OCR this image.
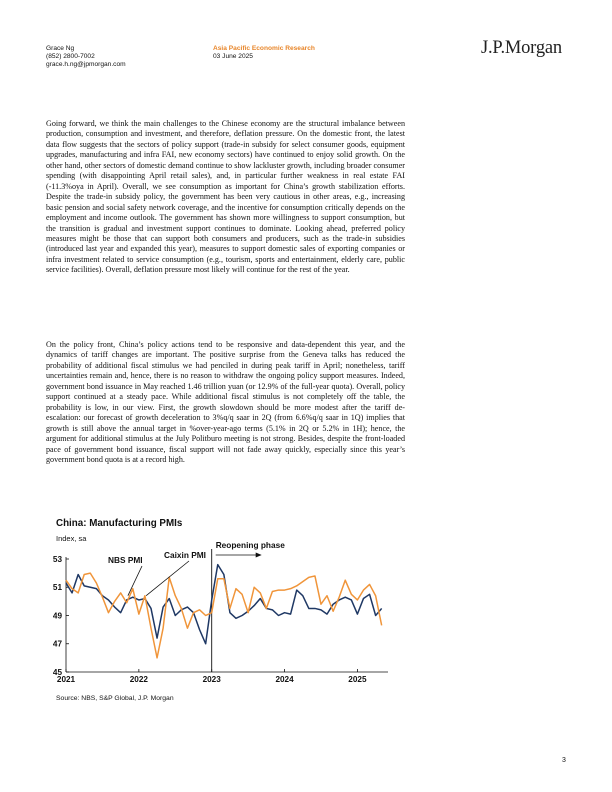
Grace Ng
(852) 2800-7002
grace.h.ng@jpmorgan.com
Asia Pacific Economic Research
03 June 2025	J.P.Morgan

Going forward, we think the main challenges to the Chinese economy are the structural imbalance between production, consumption and investment, and therefore, deflation pressure. On the domestic front, the latest data flow suggests that the sectors of policy support (trade-in subsidy for select consumer goods, equipment upgrades, manufacturing and infra FAI, new economy sectors) have continued to enjoy solid growth. On the other hand, other sectors of domestic demand continue to show lackluster growth, including broader consumer spending (with disappointing April retail sales), and, in particular further weakness in real estate FAI (-11.3%oya in April). Overall, we see consumption as important for China’s growth stabilization efforts. Despite the trade-in subsidy policy, the government has been very cautious in other areas, e.g., increasing basic pension and social safety network coverage, and the incentive for consumption critically depends on the employment and income outlook. The government has shown more willingness to support consumption, but the transition is gradual and investment support continues to dominate. Looking ahead, preferred policy measures might be those that can support both consumers and producers, such as the trade-in subsidies (introduced last year and expanded this year), measures to support domestic sales of exporting companies or infra investment related to service consumption (e.g., tourism, sports and entertainment, elderly care, public service facilities). Overall, deflation pressure most likely will continue for the rest of the year.

On the policy front, China’s policy actions tend to be responsive and data-dependent this year, and the dynamics of tariff changes are important. The positive surprise from the Geneva talks has reduced the probability of additional fiscal stimulus we had penciled in during peak tariff in April; nonetheless, tariff uncertainties remain and, hence, there is no reason to withdraw the ongoing policy support measures. Indeed, government bond issuance in May reached 1.46 trillion yuan (or 12.9% of the full-year quota). Overall, policy support continued at a steady pace. While additional fiscal stimulus is not completely off the table, the probability is low, in our view. First, the growth slowdown should be more modest after the tariff de-escalation: our forecast of growth deceleration to 3%q/q saar in 2Q (from 6.6%q/q saar in 1Q) implies that growth is still above the annual target in %over-year-ago terms (5.1% in 2Q or 5.2% in 1H); hence, the argument for additional stimulus at the July Politburo meeting is not strong. Besides, despite the front-loaded pace of government bond issuance, fiscal support will not fade away quickly, especially since this year’s government bond quota is at a record high.

China: Manufacturing PMIs
Index, sa
53
51
49
47
45
2021	2022	2023	2024	2025
Reopening phase
NBS PMI	Caixin PMI
Source: NBS, S&P Global, J.P. Morgan
3
